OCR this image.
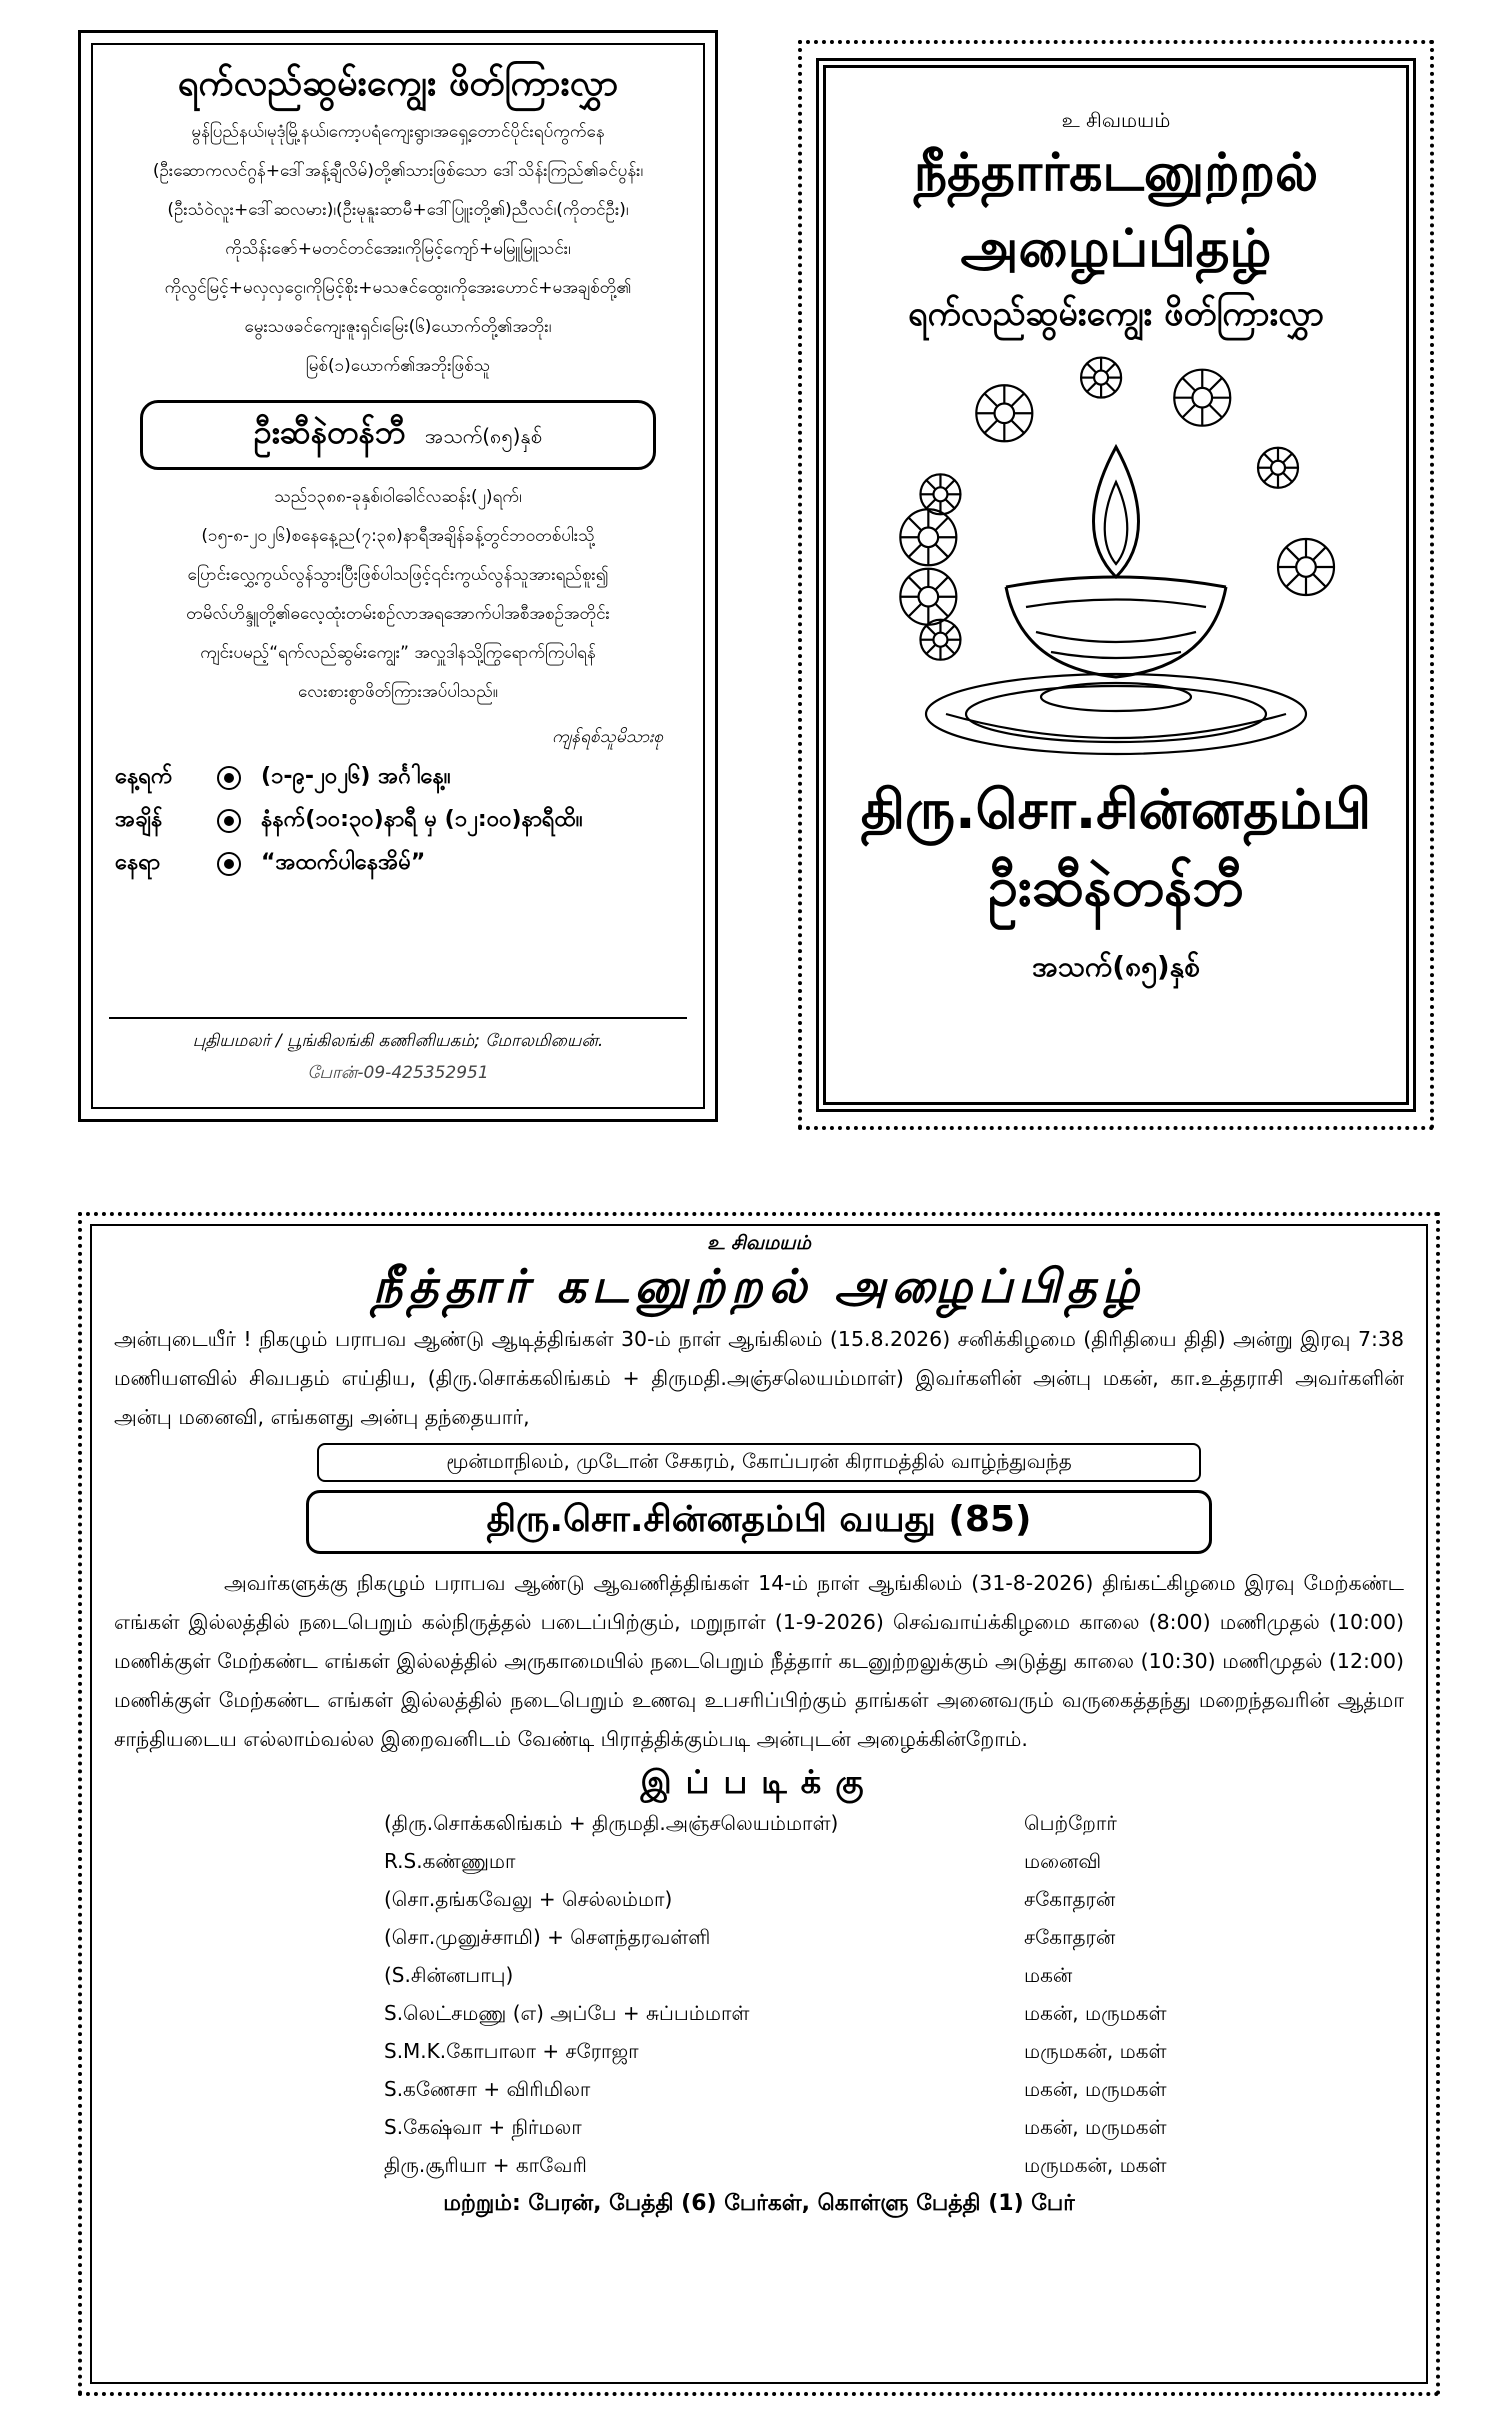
ရက်လည်ဆွမ်းကျွေး ဖိတ်ကြားလွှာ
မွန်ပြည်နယ်၊မုဒုံမြို့နယ်၊ကော့ပရံကျေးရွာ၊အရှေ့တောင်ပိုင်းရပ်ကွက်နေ
(ဦးဆောကလင်ဂွန်+ဒေါ်အန့်ချီလိမ်)တို့၏သားဖြစ်သော ဒေါ်သိန်းကြည်၏ခင်ပွန်း၊
(ဦးသံဝဲလူး+ဒေါ်ဆလမား)၊(ဦးမုနူးဆာမီ+ဒေါ်ပြူးတို့၏)ညီလင်၊(ကိုတင်ဦး)၊
ကိုသိန်းဇော်+မတင်တင်အေး၊ကိုမြင့်ကျော်+မမြူမြူသင်း၊
ကိုလွင်မြင့်+မလှလှငွေ၊ကိုမြင့်စိုး+မသဇင်ထွေး၊ကိုအေးဟောင်+မအချစ်တို့၏
မွေးသဖခင်ကျေးဇူးရှင်၊မြေး(၆)ယောက်တို့၏အဘိုး၊
မြစ်(၁)ယောက်၏အဘိုးဖြစ်သူ
ဦးဆီနဲတန်ဘီ အသက်(၈၅)နှစ်
သည်၁၃၈၈-ခုနှစ်၊ဝါခေါင်လဆန်း(၂)ရက်၊
(၁၅-၈-၂၀၂၆)စနေနေ့ည(၇:၃၈)နာရီအချိန်ခန့်တွင်ဘဝတစ်ပါးသို့
ပြောင်းလွှေ့ကွယ်လွန်သွားပြီးဖြစ်ပါသဖြင့်၎င်းကွယ်လွန်သူအားရည်စူး၍
တမိလ်ဟိန္ဒူတို့၏ဓလေ့ထုံးတမ်းစဉ်လာအရအောက်ပါအစီအစဉ်အတိုင်း
ကျင်းပမည့်“ရက်လည်ဆွမ်းကျွေး” အလှူဒါနသို့ကြွရောက်ကြပါရန်
လေးစားစွာဖိတ်ကြားအပ်ပါသည်။
ကျန်ရစ်သူမိသားစု
နေ့ရက်	(၁-၉-၂၀၂၆) အင်္ဂါနေ့။
အချိန်	နံနက်(၁၀:၃၀)နာရီ မှ (၁၂:၀၀)နာရီထိ။
နေရာ	“အထက်ပါနေအိမ်”
புதியமலர் / பூங்கிலங்கி கணினியகம்; மோலமியைன்.
போன்-09-425352951
உ சிவமயம்
நீத்தார்கடனுற்றல்
அழைப்பிதழ்
ရက်လည်ဆွမ်းကျွေး ဖိတ်ကြားလွှာ
திரு.சொ.சின்னதம்பி
ဦးဆီနဲတန်ဘီ
အသက်(၈၅)နှစ်
உ சிவமயம்
நீத்தார் கடனுற்றல் அழைப்பிதழ்

அன்புடையீர் ! நிகழும் பராபவ ஆண்டு ஆடித்திங்கள் 30-ம் நாள் ஆங்கிலம் (15.8.2026) சனிக்கிழமை (திரிதியை திதி) அன்று இரவு 7:38 மணியளவில் சிவபதம் எய்திய, (திரு.சொக்கலிங்கம் + திருமதி.அஞ்சலெயம்மாள்) இவர்களின் அன்பு மகன், கா.உத்தராசி அவர்களின் அன்பு மனைவி, எங்களது அன்பு தந்தையார்,

மூன்மாநிலம், முடோன் சேகரம், கோப்பரன் கிராமத்தில் வாழ்ந்துவந்த
திரு.சொ.சின்னதம்பி வயது (85)

அவர்களுக்கு நிகழும் பராபவ ஆண்டு ஆவணித்திங்கள் 14-ம் நாள் ஆங்கிலம் (31-8-2026) திங்கட்கிழமை இரவு மேற்கண்ட எங்கள் இல்லத்தில் நடைபெறும் கல்நிருத்தல் படைப்பிற்கும், மறுநாள் (1-9-2026) செவ்வாய்க்கிழமை காலை (8:00) மணிமுதல் (10:00) மணிக்குள் மேற்கண்ட எங்கள் இல்லத்தில் அருகாமையில் நடைபெறும் நீத்தார் கடனுற்றலுக்கும் அடுத்து காலை (10:30) மணிமுதல் (12:00) மணிக்குள் மேற்கண்ட எங்கள் இல்லத்தில் நடைபெறும் உணவு உபசரிப்பிற்கும் தாங்கள் அனைவரும் வருகைத்தந்து மறைந்தவரின் ஆத்மா சாந்தியடைய எல்லாம்வல்ல இறைவனிடம் வேண்டி பிராத்திக்கும்படி அன்புடன் அழைக்கின்றோம்.

இப்படிக்கு
(திரு.சொக்கலிங்கம் + திருமதி.அஞ்சலெயம்மாள்)	பெற்றோர்
R.S.கண்ணுமா	மனைவி
(சொ.தங்கவேலு + செல்லம்மா)	சகோதரன்
(சொ.முனுச்சாமி) + சௌந்தரவள்ளி	சகோதரன்
(S.சின்னபாபு)	மகன்
S.லெட்சமணு (எ) அப்பே + சுப்பம்மாள்	மகன், மருமகள்
S.M.K.கோபாலா + சரோஜா	மருமகன், மகள்
S.கணேசா + விரிமிலா	மகன், மருமகள்
S.கேஷ்வா + நிர்மலா	மகன், மருமகள்
திரு.சூரியா + காவேரி	மருமகன், மகள்
மற்றும்: பேரன், பேத்தி (6) பேர்கள், கொள்ளு பேத்தி (1) பேர்
